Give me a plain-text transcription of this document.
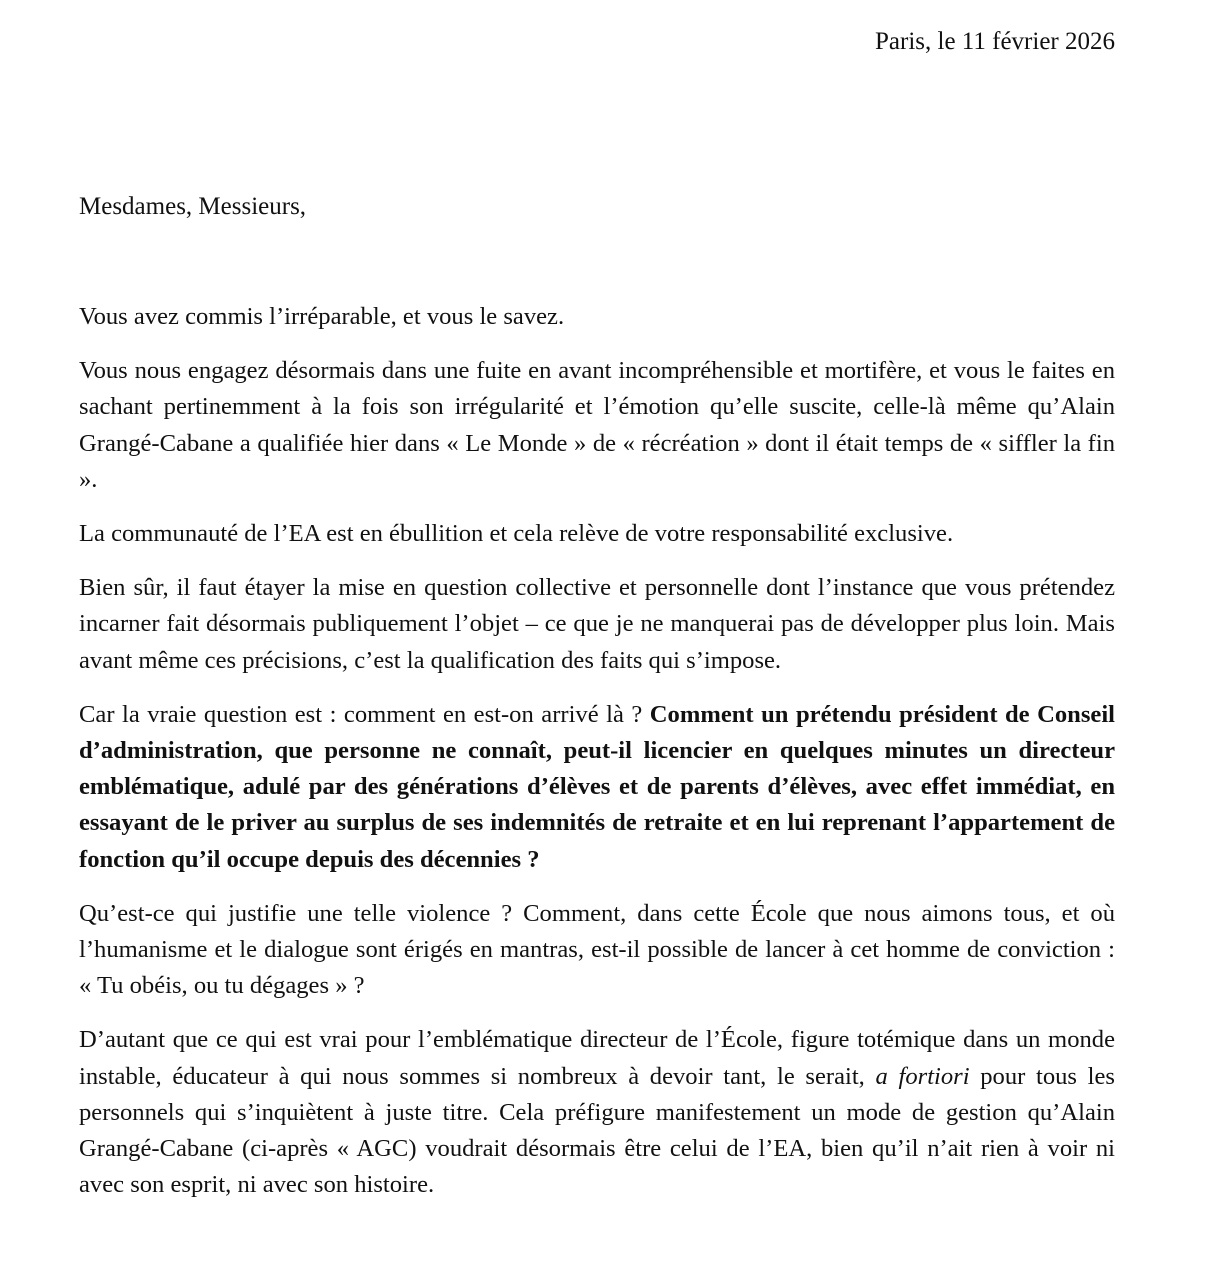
Paris, le 11 février 2026
Mesdames, Messieurs,

Vous avez commis l’irréparable, et vous le savez.

Vous nous engagez désormais dans une fuite en avant incompréhensible et mortifère, et vous le faites en sachant pertinemment à la fois son irrégularité et l’émotion qu’elle suscite, celle-là même qu’Alain Grangé-Cabane a qualifiée hier dans « Le Monde » de « récréation » dont il était temps de « siffler la fin ».

La communauté de l’EA est en ébullition et cela relève de votre responsabilité exclusive.

Bien sûr, il faut étayer la mise en question collective et personnelle dont l’instance que vous prétendez incarner fait désormais publiquement l’objet – ce que je ne manquerai pas de développer plus loin. Mais avant même ces précisions, c’est la qualification des faits qui s’impose.

Car la vraie question est : comment en est-on arrivé là ? Comment un prétendu président de Conseil d’administration, que personne ne connaît, peut-il licencier en quelques minutes un directeur emblématique, adulé par des générations d’élèves et de parents d’élèves, avec effet immédiat, en essayant de le priver au surplus de ses indemnités de retraite et en lui reprenant l’appartement de fonction qu’il occupe depuis des décennies ?

Qu’est-ce qui justifie une telle violence ? Comment, dans cette École que nous aimons tous, et où l’humanisme et le dialogue sont érigés en mantras, est-il possible de lancer à cet homme de conviction : « Tu obéis, ou tu dégages » ?

D’autant que ce qui est vrai pour l’emblématique directeur de l’École, figure totémique dans un monde instable, éducateur à qui nous sommes si nombreux à devoir tant, le serait, a fortiori pour tous les personnels qui s’inquiètent à juste titre. Cela préfigure manifestement un mode de gestion qu’Alain Grangé-Cabane (ci-après « AGC) voudrait désormais être celui de l’EA, bien qu’il n’ait rien à voir ni avec son esprit, ni avec son histoire.
